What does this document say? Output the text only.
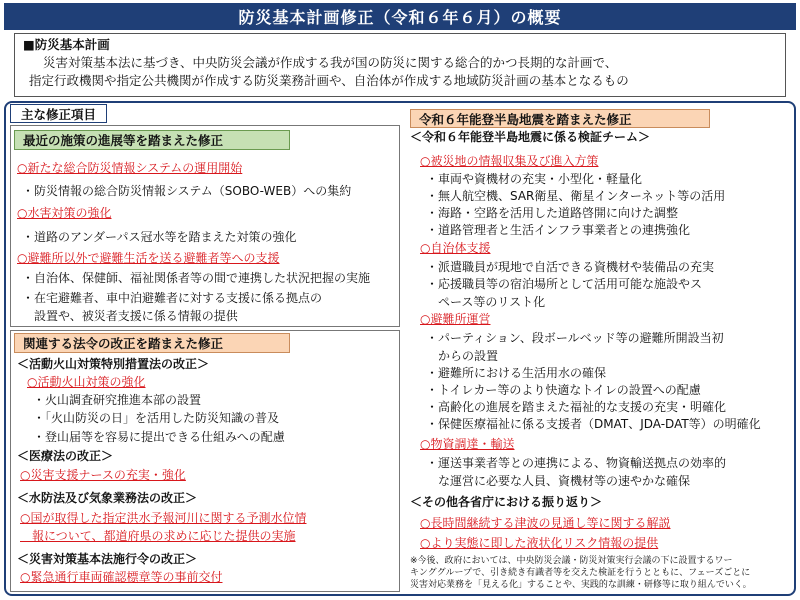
防災基本計画修正（令和６年６月）の概要
■防災基本計画
災害対策基本法に基づき、中央防災会議が作成する我が国の防災に関する総合的かつ長期的な計画で、
指定行政機関や指定公共機関が作成する防災業務計画や、自治体が作成する地域防災計画の基本となるもの
主な修正項目
最近の施策の進展等を踏まえた修正
○新たな総合防災情報システムの運用開始
・防災情報の総合防災情報システム（SOBO-WEB）への集約
○水害対策の強化
・道路のアンダーパス冠水等を踏まえた対策の強化
○避難所以外で避難生活を送る避難者等への支援
・自治体、保健師、福祉関係者等の間で連携した状況把握の実施
・在宅避難者、車中泊避難者に対する支援に係る拠点の
　設置や、被災者支援に係る情報の提供
関連する法令の改正を踏まえた修正
＜活動火山対策特別措置法の改正＞
○活動火山対策の強化
・火山調査研究推進本部の設置
・「火山防災の日」を活用した防災知識の普及
・登山届等を容易に提出できる仕組みへの配慮
＜医療法の改正＞
○災害支援ナースの充実・強化
＜水防法及び気象業務法の改正＞
○国が取得した指定洪水予報河川に関する予測水位情
　報について、都道府県の求めに応じた提供の実施
＜災害対策基本法施行令の改正＞
○緊急通行車両確認標章等の事前交付
令和６年能登半島地震を踏まえた修正
＜令和６年能登半島地震に係る検証チーム＞
○被災地の情報収集及び進入方策
・車両や資機材の充実・小型化・軽量化
・無人航空機、SAR衛星、衛星インターネット等の活用
・海路・空路を活用した道路啓開に向けた調整
・道路管理者と生活インフラ事業者との連携強化
○自治体支援
・派遣職員が現地で自活できる資機材や装備品の充実
・応援職員等の宿泊場所として活用可能な施設やス
　ペース等のリスト化
○避難所運営
・パーティション、段ボールベッド等の避難所開設当初
　からの設置
・避難所における生活用水の確保
・トイレカー等のより快適なトイレの設置への配慮
・高齢化の進展を踏まえた福祉的な支援の充実・明確化
・保健医療福祉に係る支援者（DMAT、JDA-DAT等）の明確化
○物資調達・輸送
・運送事業者等との連携による、物資輸送拠点の効率的
　な運営に必要な人員、資機材等の速やかな確保
＜その他各省庁における振り返り＞
○長時間継続する津波の見通し等に関する解説
○より実態に即した液状化リスク情報の提供
※今後、政府においては、中央防災会議・防災対策実行会議の下に設置するワー
キンググループで、引き続き有識者等を交えた検証を行うとともに、フェーズごとに
災害対応業務を「見える化」することや、実践的な訓練・研修等に取り組んでいく。
